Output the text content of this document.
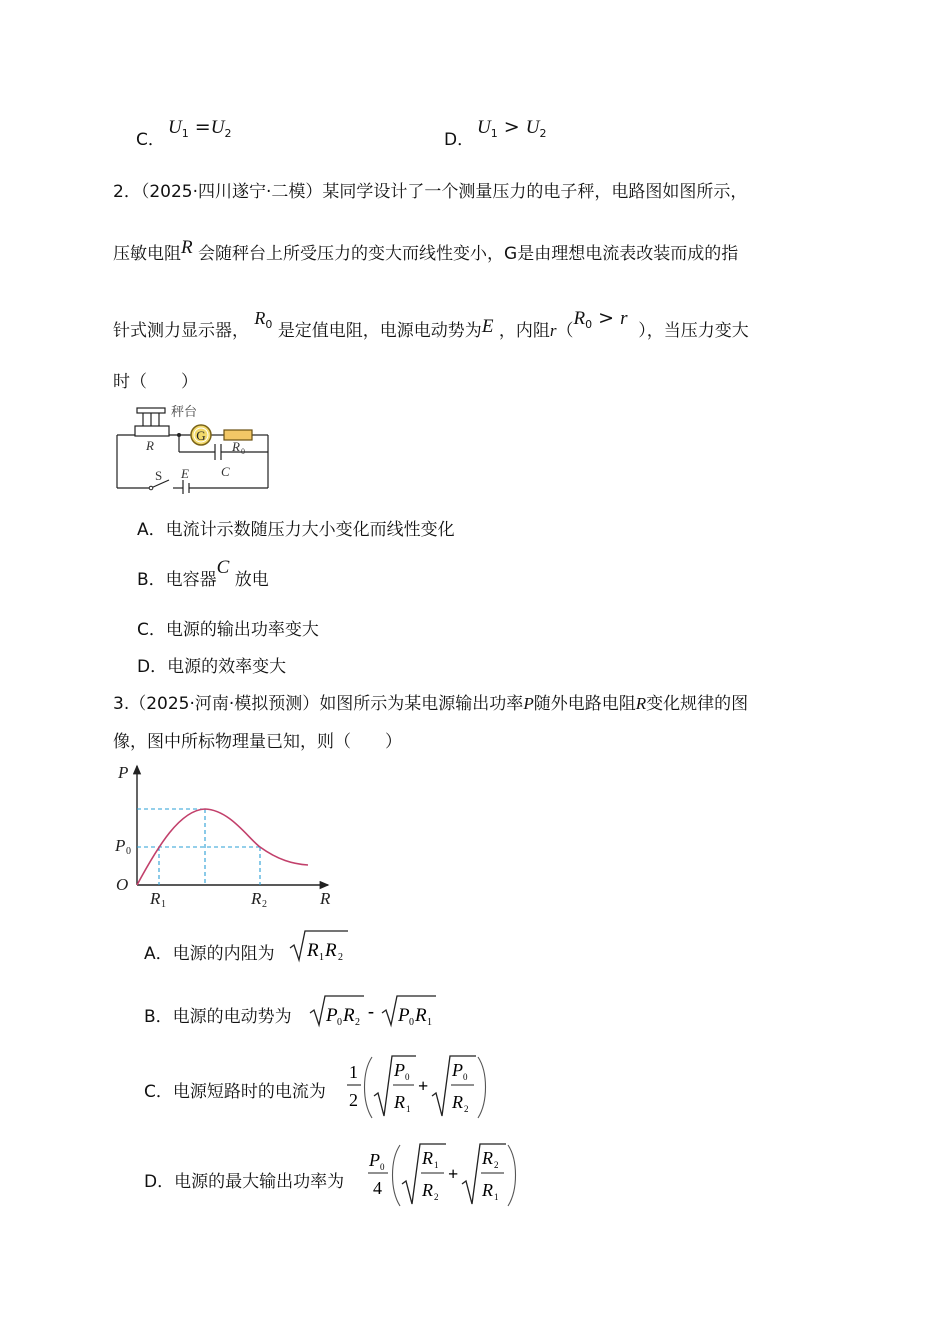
C．
$U_1 =U_2$	D．
$U_1 > U_2$
2．（2025·四川遂宁·二模）某同学设计了一个测量压力的电子秤，电路图如图所示，
压敏电阻R 会随秤台上所受压力的变大而线性变小，G是由理想电流表改装而成的指
针式测力显示器， $R_0$ 是定值电阻，电源电动势为E ，内阻$r(R_0 > r$  ），当压力变大
时（　　）
G
秤台
R	R 0
C
S E
A．电流计示数随压力大小变化而线性变化
B．电容器C 放电
C．电源的输出功率变大
D．电源的效率变大
3.（2025·河南·模拟预测）如图所示为某电源输出功率P随外电路电阻R变化规律的图
像，图中所标物理量已知，则（　　）
P
R
O
P 0
R 1	R 2
A．电源的内阻为 R 1 R 2
B．电源的电动势为 P 0 R 2
- P 0 R 1
C．电源短路时的电流为
1
2
P 0
R 1
+
P 0
R 2
D．电源的最大输出功率为
P 0
4
R 1
R 2
+
R 2
R 1
